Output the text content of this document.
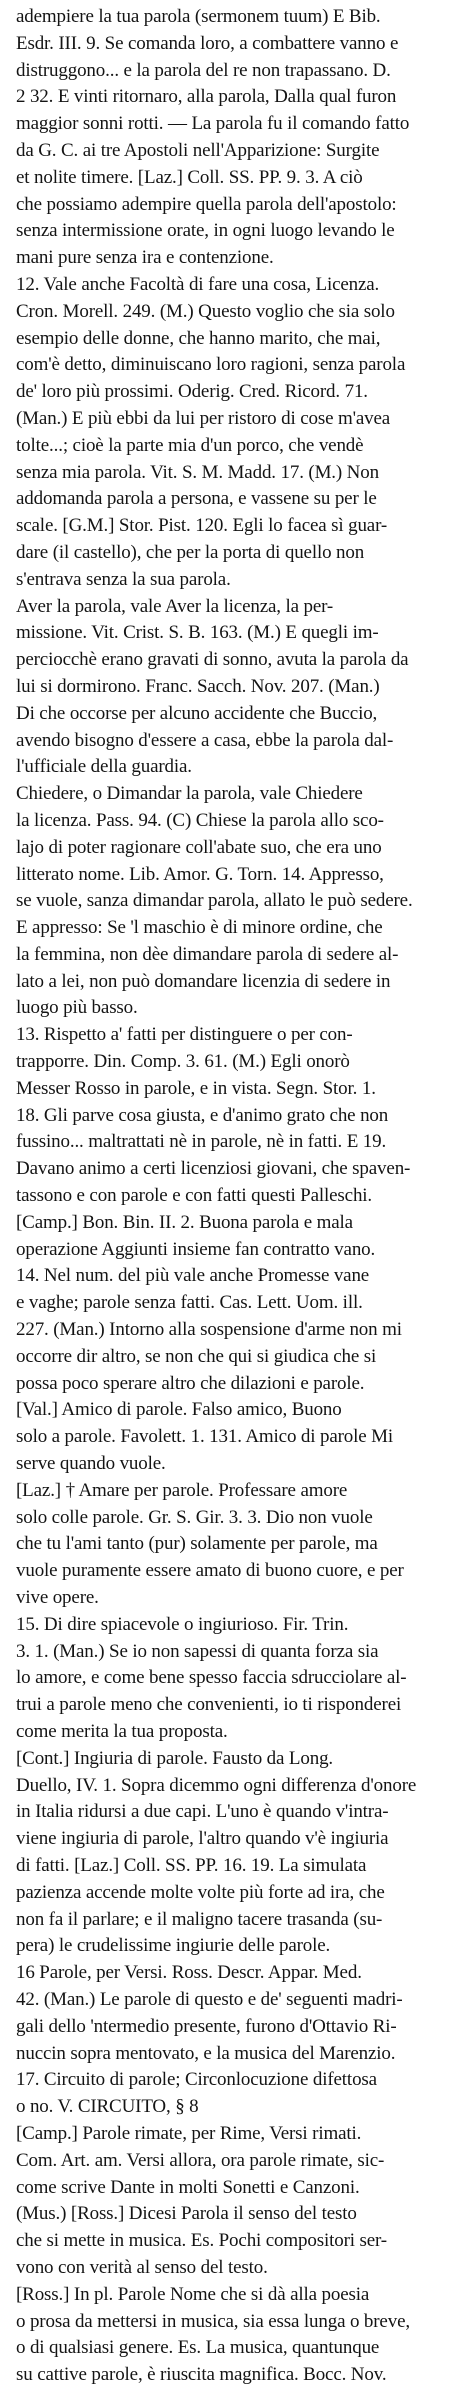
adempiere la tua parola (sermonem tuum) E Bib.
Esdr. III. 9. Se comanda loro, a combattere vanno e
distruggono... e la parola del re non trapassano. D.
2 32. E vinti ritornaro, alla parola, Dalla qual furon
maggior sonni rotti. — La parola fu il comando fatto
da G. C. ai tre Apostoli nell'Apparizione: Surgite
et nolite timere. [Laz.] Coll. SS. PP. 9. 3. A ciò
che possiamo adempire quella parola dell'apostolo:
senza intermissione orate, in ogni luogo levando le
mani pure senza ira e contenzione.
12. Vale anche Facoltà di fare una cosa, Licenza.
Cron. Morell. 249. (M.) Questo voglio che sia solo
esempio delle donne, che hanno marito, che mai,
com'è detto, diminuiscano loro ragioni, senza parola
de' loro più prossimi. Oderig. Cred. Ricord. 71.
(Man.) E più ebbi da lui per ristoro di cose m'avea
tolte...; cioè la parte mia d'un porco, che vendè
senza mia parola. Vit. S. M. Madd. 17. (M.) Non
addomanda parola a persona, e vassene su per le
scale. [G.M.] Stor. Pist. 120. Egli lo facea sì guar-
dare (il castello), che per la porta di quello non
s'entrava senza la sua parola.
Aver la parola, vale Aver la licenza, la per-
missione. Vit. Crist. S. B. 163. (M.) E quegli im-
perciocchè erano gravati di sonno, avuta la parola da
lui si dormirono. Franc. Sacch. Nov. 207. (Man.)
Di che occorse per alcuno accidente che Buccio,
avendo bisogno d'essere a casa, ebbe la parola dal-
l'ufficiale della guardia.
Chiedere, o Dimandar la parola, vale Chiedere
la licenza. Pass. 94. (C) Chiese la parola allo sco-
lajo di poter ragionare coll'abate suo, che era uno
litterato nome. Lib. Amor. G. Torn. 14. Appresso,
se vuole, sanza dimandar parola, allato le può sedere.
E appresso: Se 'l maschio è di minore ordine, che
la femmina, non dèe dimandare parola di sedere al-
lato a lei, non può domandare licenzia di sedere in
luogo più basso.
13. Rispetto a' fatti per distinguere o per con-
trapporre. Din. Comp. 3. 61. (M.) Egli onorò
Messer Rosso in parole, e in vista. Segn. Stor. 1.
18. Gli parve cosa giusta, e d'animo grato che non
fussino... maltrattati nè in parole, nè in fatti. E 19.
Davano animo a certi licenziosi giovani, che spaven-
tassono e con parole e con fatti questi Palleschi.
[Camp.] Bon. Bin. II. 2. Buona parola e mala
operazione Aggiunti insieme fan contratto vano.
14. Nel num. del più vale anche Promesse vane
e vaghe; parole senza fatti. Cas. Lett. Uom. ill.
227. (Man.) Intorno alla sospensione d'arme non mi
occorre dir altro, se non che qui si giudica che si
possa poco sperare altro che dilazioni e parole.
[Val.] Amico di parole. Falso amico, Buono
solo a parole. Favolett. 1. 131. Amico di parole Mi
serve quando vuole.
[Laz.] † Amare per parole. Professare amore
solo colle parole. Gr. S. Gir. 3. 3. Dio non vuole
che tu l'ami tanto (pur) solamente per parole, ma
vuole puramente essere amato di buono cuore, e per
vive opere.
15. Di dire spiacevole o ingiurioso. Fir. Trin.
3. 1. (Man.) Se io non sapessi di quanta forza sia
lo amore, e come bene spesso faccia sdrucciolare al-
trui a parole meno che convenienti, io ti risponderei
come merita la tua proposta.
[Cont.] Ingiuria di parole. Fausto da Long.
Duello, IV. 1. Sopra dicemmo ogni differenza d'onore
in Italia ridursi a due capi. L'uno è quando v'intra-
viene ingiuria di parole, l'altro quando v'è ingiuria
di fatti. [Laz.] Coll. SS. PP. 16. 19. La simulata
pazienza accende molte volte più forte ad ira, che
non fa il parlare; e il maligno tacere trasanda (su-
pera) le crudelissime ingiurie delle parole.
16 Parole, per Versi. Ross. Descr. Appar. Med.
42. (Man.) Le parole di questo e de' seguenti madri-
gali dello 'ntermedio presente, furono d'Ottavio Ri-
nuccin sopra mentovato, e la musica del Marenzio.
17. Circuito di parole; Circonlocuzione difettosa
o no. V. CIRCUITO, § 8
[Camp.] Parole rimate, per Rime, Versi rimati.
Com. Art. am. Versi allora, ora parole rimate, sic-
come scrive Dante in molti Sonetti e Canzoni.
(Mus.) [Ross.] Dicesi Parola il senso del testo
che si mette in musica. Es. Pochi compositori ser-
vono con verità al senso del testo.
[Ross.] In pl. Parole Nome che si dà alla poesia
o prosa da mettersi in musica, sia essa lunga o breve,
o di qualsiasi genere. Es. La musica, quantunque
su cattive parole, è riuscita magnifica. Bocc. Nov.
